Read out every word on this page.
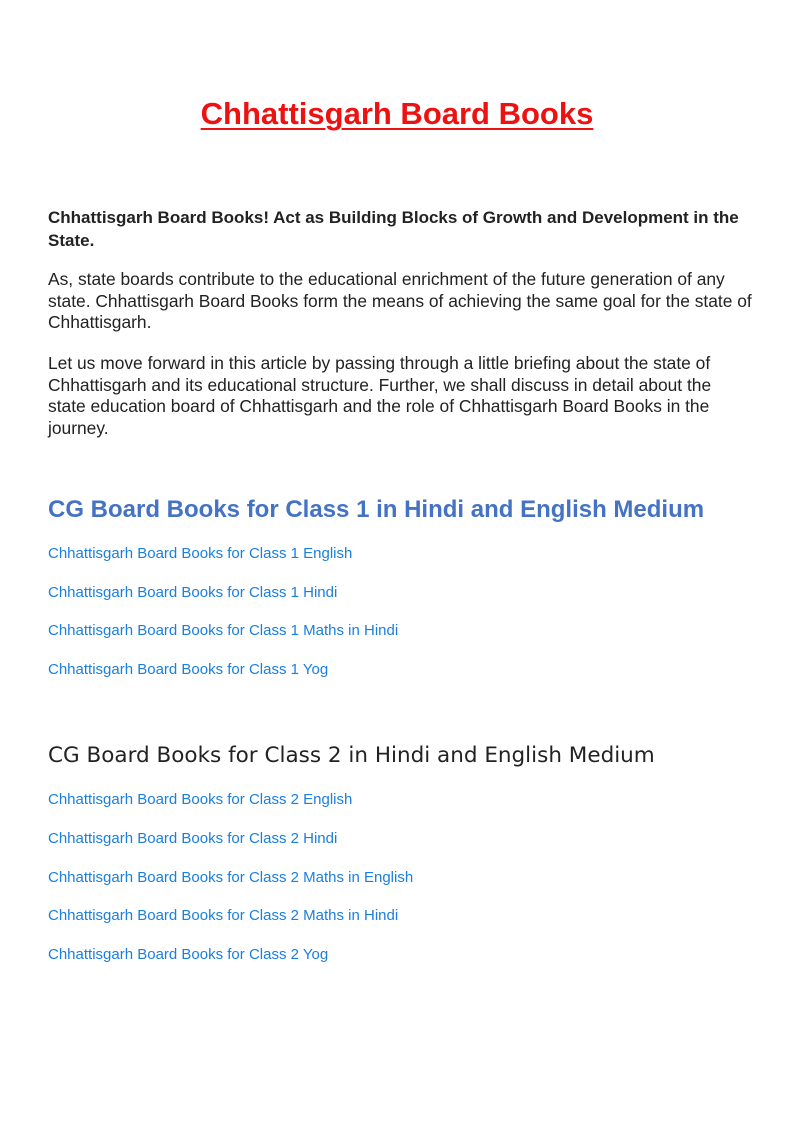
Chhattisgarh Board Books

Chhattisgarh Board Books! Act as Building Blocks of Growth and Development in the State.

As, state boards contribute to the educational enrichment of the future generation of any state. Chhattisgarh Board Books form the means of achieving the same goal for the state of Chhattisgarh.

Let us move forward in this article by passing through a little briefing about the state of Chhattisgarh and its educational structure. Further, we shall discuss in detail about the state education board of Chhattisgarh and the role of Chhattisgarh Board Books in the journey.

CG Board Books for Class 1 in Hindi and English Medium
Chhattisgarh Board Books for Class 1 English
Chhattisgarh Board Books for Class 1 Hindi
Chhattisgarh Board Books for Class 1 Maths in Hindi
Chhattisgarh Board Books for Class 1 Yog
CG Board Books for Class 2 in Hindi and English Medium
Chhattisgarh Board Books for Class 2 English
Chhattisgarh Board Books for Class 2 Hindi
Chhattisgarh Board Books for Class 2 Maths in English
Chhattisgarh Board Books for Class 2 Maths in Hindi
Chhattisgarh Board Books for Class 2 Yog
